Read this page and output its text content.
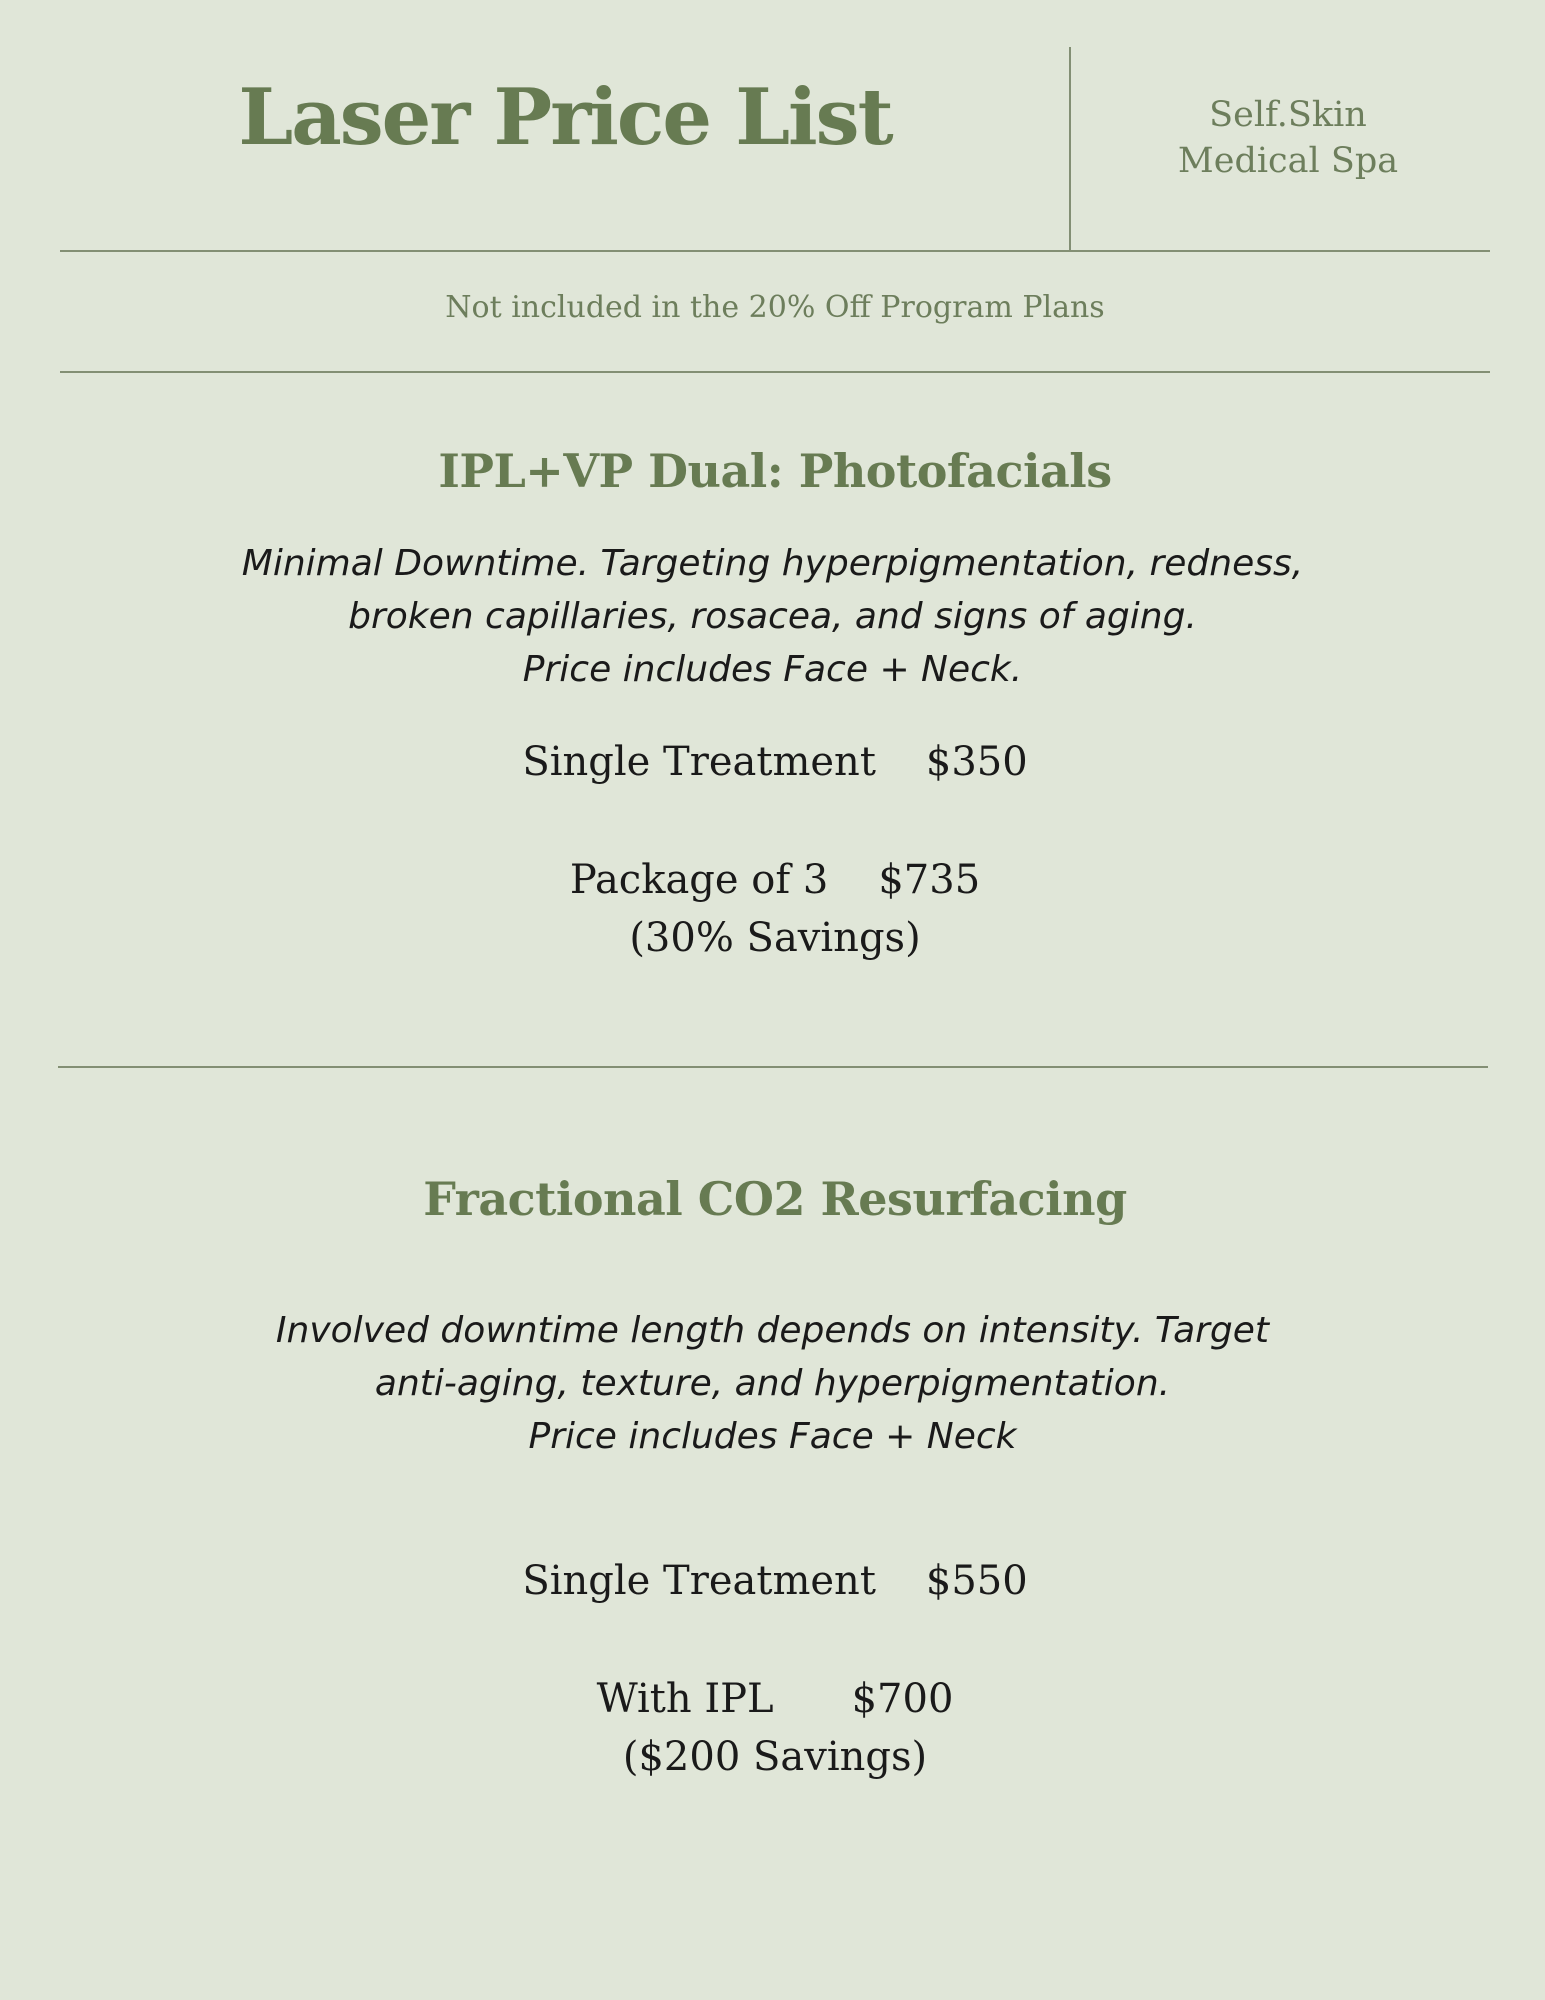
Laser Price List	Self.Skin
Medical Spa
Not included in the 20% Off Program Plans
IPL+VP Dual: Photofacials
Minimal Downtime. Targeting hyperpigmentation, redness,
broken capillaries, rosacea, and signs of aging.
Price includes Face + Neck.
Single Treatment $350
Package of 3 $735
(30% Savings)
Fractional CO2 Resurfacing
Involved downtime length depends on intensity. Target
anti-aging, texture, and hyperpigmentation.
Price includes Face + Neck
Single Treatment $550
With IPL $700
($200 Savings)
